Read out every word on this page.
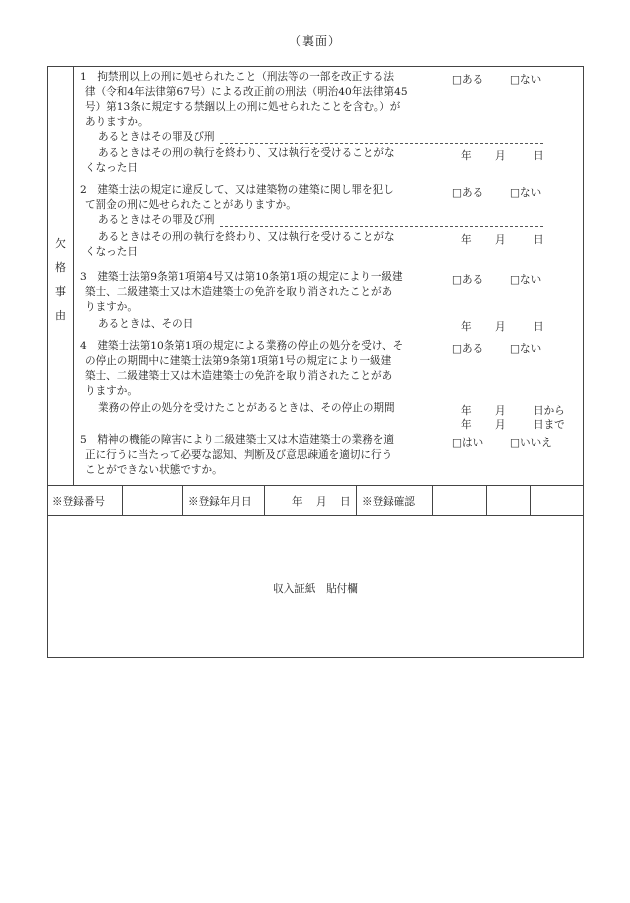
（裏面）
欠
格
事
由
1　拘禁刑以上の刑に処せられたこと（刑法等の一部を改正する法
律（令和4年法律第67号）による改正前の刑法（明治40年法律第45
号）第13条に規定する禁錮以上の刑に処せられたことを含む。）が
ありますか。
□ある	□ない
あるときはその罪及び刑
あるときはその刑の執行を終わり、又は執行を受けることがな
くなった日
年 月	日
2　建築士法の規定に違反して、又は建築物の建築に関し罪を犯し
て罰金の刑に処せられたことがありますか。
□ある	□ない
あるときはその罪及び刑
あるときはその刑の執行を終わり、又は執行を受けることがな
くなった日
年 月	日
3　建築士法第9条第1項第4号又は第10条第1項の規定により一級建
築士、二級建築士又は木造建築士の免許を取り消されたことがあ
りますか。
□ある	□ない
あるときは、その日	年 月	日
4　建築士法第10条第1項の規定による業務の停止の処分を受け、そ
の停止の期間中に建築士法第9条第1項第1号の規定により一級建
築士、二級建築士又は木造建築士の免許を取り消されたことがあ
りますか。
□ある	□ない
業務の停止の処分を受けたことがあるときは、その停止の期間	年 月	日から
年 月	日まで
5　精神の機能の障害により二級建築士又は木造建築士の業務を適
正に行うに当たって必要な認知、判断及び意思疎通を適切に行う
ことができない状態ですか。
□はい	□いいえ
※登録番号	※登録年月日	年 月 日 ※登録確認
収入証紙　貼付欄
